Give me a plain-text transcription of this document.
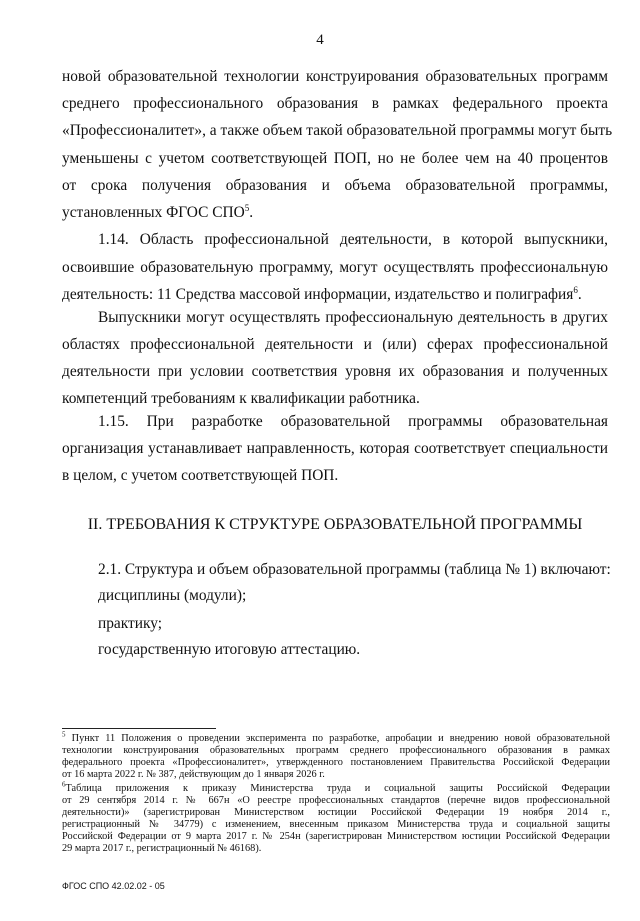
4
новой образовательной технологии конструирования образовательных программ
среднего профессионального образования в рамках федерального проекта
«Профессионалитет», а также объем такой образовательной программы могут быть
уменьшены с учетом соответствующей ПОП, но не более чем на 40 процентов
от срока получения образования и объема образовательной программы,
установленных ФГОС СПО$^5$.
1.14. Область профессиональной деятельности, в которой выпускники,
освоившие образовательную программу, могут осуществлять профессиональную
деятельность: 11 Средства массовой информации, издательство и полиграфия$^6$.
Выпускники могут осуществлять профессиональную деятельность в других
областях профессиональной деятельности и (или) сферах профессиональной
деятельности при условии соответствия уровня их образования и полученных
компетенций требованиям к квалификации работника.
1.15. При разработке образовательной программы образовательная
организация устанавливает направленность, которая соответствует специальности
в целом, с учетом соответствующей ПОП.
II. ТРЕБОВАНИЯ К СТРУКТУРЕ ОБРАЗОВАТЕЛЬНОЙ ПРОГРАММЫ
2.1. Структура и объем образовательной программы (таблица № 1) включают:
дисциплины (модули);
практику;
государственную итоговую аттестацию.
$^5$ Пункт 11 Положения о проведении эксперимента по разработке, апробации и внедрению новой образовательной
технологии конструирования образовательных программ среднего профессионального образования в рамках
федерального проекта «Профессионалитет», утвержденного постановлением Правительства Российской Федерации
от 16 марта 2022 г. № 387, действующим до 1 января 2026 г.
$^6$Таблица приложения к приказу Министерства труда и социальной защиты Российской Федерации
от 29 сентября 2014 г. № 667н «О реестре профессиональных стандартов (перечне видов профессиональной
деятельности)» (зарегистрирован Министерством юстиции Российской Федерации 19 ноября 2014 г.,
регистрационный № 34779) с изменением, внесенным приказом Министерства труда и социальной защиты
Российской Федерации от 9 марта 2017 г. № 254н (зарегистрирован Министерством юстиции Российской Федерации
29 марта 2017 г., регистрационный № 46168).
ФГОС СПО 42.02.02 - 05
